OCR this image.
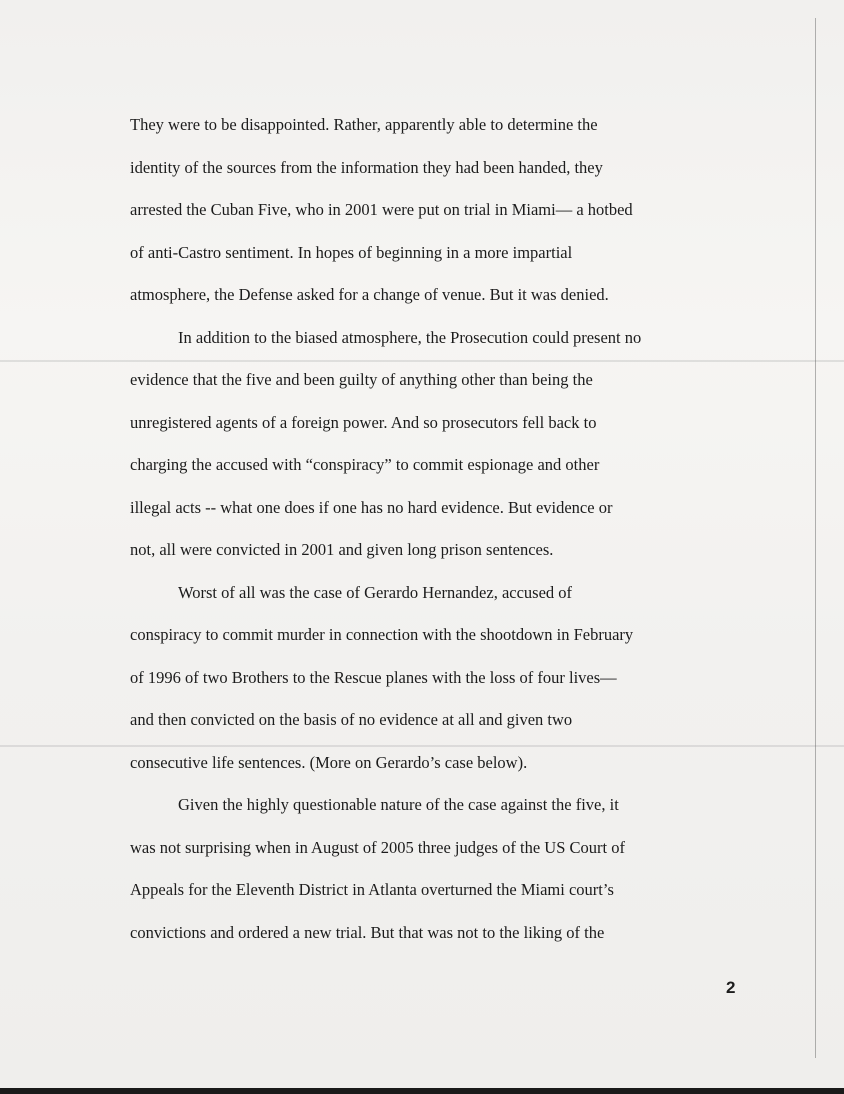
They were to be disappointed. Rather, apparently able to determine the
identity of the sources from the information they had been handed, they
arrested the Cuban Five, who in 2001 were put on trial in Miami— a hotbed
of anti-Castro sentiment. In hopes of beginning in a more impartial
atmosphere, the Defense asked for a change of venue. But it was denied.
In addition to the biased atmosphere, the Prosecution could present no
evidence that the five and been guilty of anything other than being the
unregistered agents of a foreign power. And so prosecutors fell back to
charging the accused with “conspiracy” to commit espionage and other
illegal acts -- what one does if one has no hard evidence. But evidence or
not, all were convicted in 2001 and given long prison sentences.
Worst of all was the case of Gerardo Hernandez, accused of
conspiracy to commit murder in connection with the shootdown in February
of 1996 of two Brothers to the Rescue planes with the loss of four lives—
and then convicted on the basis of no evidence at all and given two
consecutive life sentences. (More on Gerardo’s case below).
Given the highly questionable nature of the case against the five, it
was not surprising when in August of 2005 three judges of the US Court of
Appeals for the Eleventh District in Atlanta overturned the Miami court’s
convictions and ordered a new trial. But that was not to the liking of the
2
